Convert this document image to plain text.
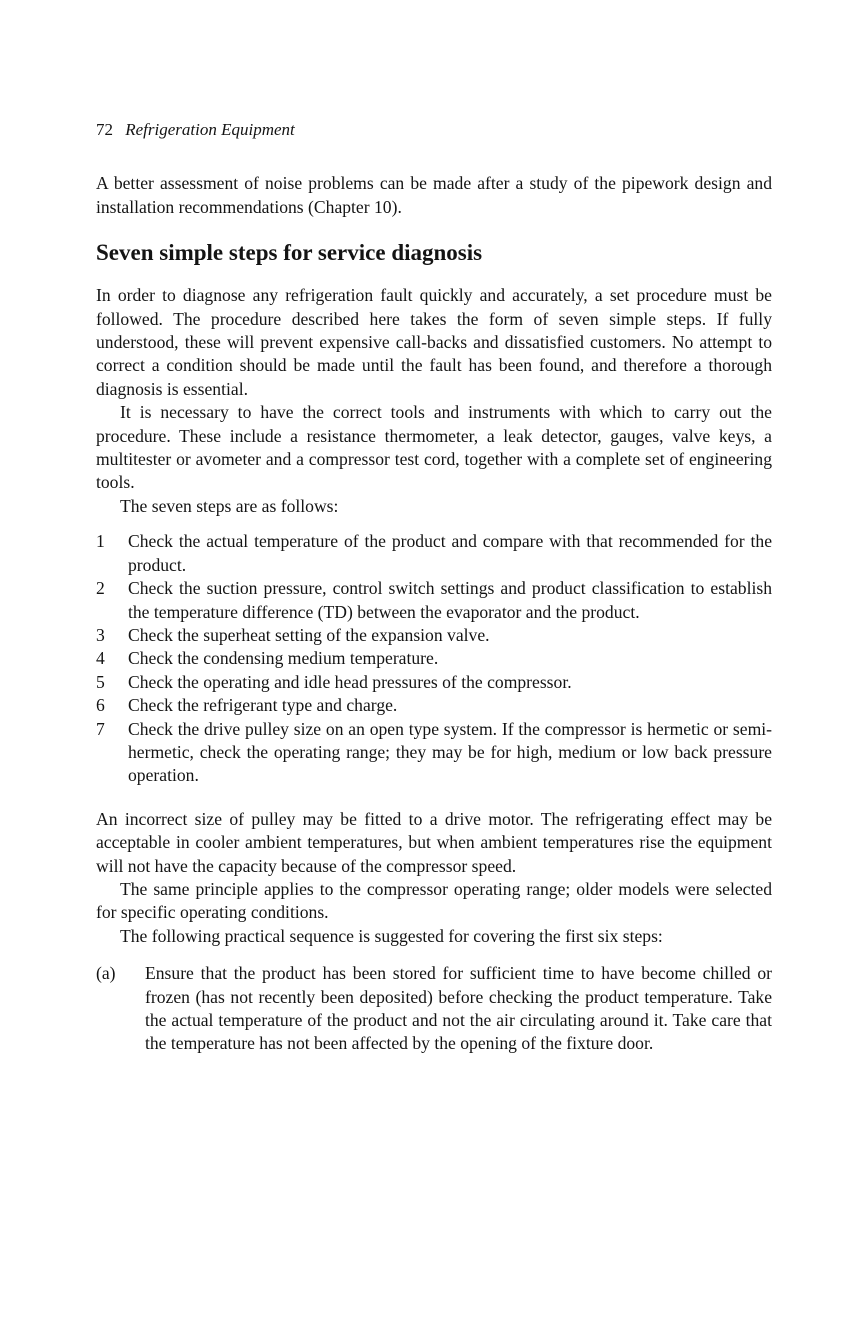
72 Refrigeration Equipment

A better assessment of noise problems can be made after a study of the pipework design and installation recommendations (Chapter 10).

Seven simple steps for service diagnosis

In order to diagnose any refrigeration fault quickly and accurately, a set procedure must be followed. The procedure described here takes the form of seven simple steps. If fully understood, these will prevent expensive call-backs and dissatisfied customers. No attempt to correct a condition should be made until the fault has been found, and therefore a thorough diagnosis is essential.

It is necessary to have the correct tools and instruments with which to carry out the procedure. These include a resistance thermometer, a leak detector, gauges, valve keys, a multitester or avometer and a compressor test cord, together with a complete set of engineering tools.

The seven steps are as follows:

1	Check the actual temperature of the product and compare with that recommended for the product.
2	Check the suction pressure, control switch settings and product classification to establish the temperature difference (TD) between the evaporator and the product.
3	Check the superheat setting of the expansion valve.
4	Check the condensing medium temperature.
5	Check the operating and idle head pressures of the compressor.
6	Check the refrigerant type and charge.
7	Check the drive pulley size on an open type system. If the compressor is hermetic or semi-hermetic, check the operating range; they may be for high, medium or low back pressure operation.

An incorrect size of pulley may be fitted to a drive motor. The refrigerating effect may be acceptable in cooler ambient temperatures, but when ambient temperatures rise the equipment will not have the capacity because of the compressor speed.

The same principle applies to the compressor operating range; older models were selected for specific operating conditions.

The following practical sequence is suggested for covering the first six steps:

(a)	Ensure that the product has been stored for sufficient time to have become chilled or frozen (has not recently been deposited) before checking the product temperature. Take the actual temperature of the product and not the air circulating around it. Take care that the temperature has not been affected by the opening of the fixture door.
